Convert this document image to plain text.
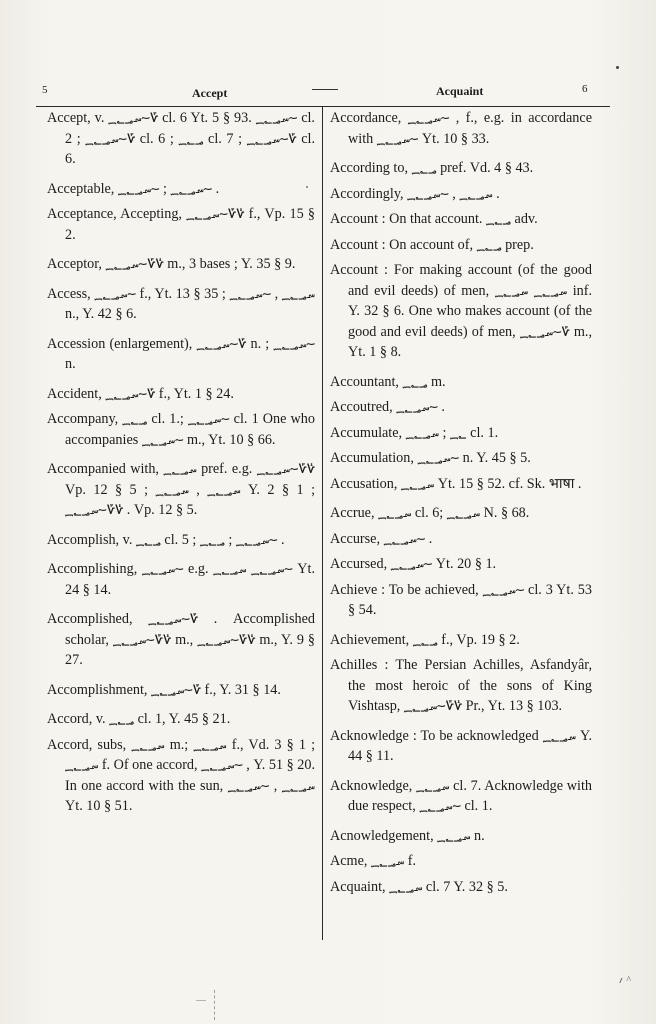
5	Accept	Acquaint	6

Accept, v. ؁؂؃؄؅؆ cl. 6 Yt. 5 § 93. ؁؂؃؄؅ cl. 2 ; ؁؂؃؄؅؆ cl. 6 ; ؁؂؃ cl. 7 ; ؁؂؃؄؅؆ cl. 6.

Acceptable, ؁؂؃؄؅ ; ؁؂؃؄؅ .

Acceptance, Accepting, ؁؂؃؄؅؆؇ f., Vp. 15 § 2.

Acceptor, ؁؂؃؄؅؆؇ m., 3 bases ; Y. 35 § 9.

Access, ؁؂؃؄؅ f., Yt. 13 § 35 ; ؁؂؃؄ , ؁؂؃؄؅ n., Y. 42 § 6.

Accession (enlargement), ؁؂؃؄؅؆ n. ; ؁؂؃؄؅ n.

Accident, ؁؂؃؄؅؆ f., Yt. 1 § 24.

Accompany, ؁؂؃ cl. 1.; ؁؂؃؄؅ cl. 1 One who accompanies ؁؂؃؄؅ m., Yt. 10 § 66.

Accompanied with, ؁؂؃؄ pref. e.g. ؁؂؃؄؅؆؇ Vp. 12 § 5 ; ؁؂؃؄ , ؁؂؃؄ Y. 2 § 1 ; ؁؂؃؄؅؆؇ . Vp. 12 § 5.

Accomplish, v. ؁؂؃ cl. 5 ; ؁؂؃؄؅ ; ؁؂؃ .

Accomplishing, ؁؂؃؄؅ e.g. ؁؂؃؄؅ ؁؂؃؄ Yt. 24 § 14.

Accomplished, ؁؂؃؄؅؆ . Accomplished scholar, ؁؂؃؄؅؆؇ m., ؁؂؃؄؅؆؇ m., Y. 9 § 27.

Accomplishment, ؁؂؃؄؅؆ f., Y. 31 § 14.

Accord, v. ؁؂؃ cl. 1, Y. 45 § 21.

Accord, subs, ؁؂؃؄ m.; ؁؂؃؄ f., Vd. 3 § 1 ; ؁؂؃؄ f. Of one accord, ؁؂؃؄؅ , Y. 51 § 20. In one accord with the sun, ؁؂؃؄ , ؁؂؃؄؅ Yt. 10 § 51.

Accordance, ؁؂؃؄؅ , f., e.g. in accordance with ؁؂؃؄؅ Yt. 10 § 33.

According to, ؁؂؃ pref. Vd. 4 § 43.

Accordingly, ؁؂؃؄ , ؁؂؃؄؅ .

Account : On that account. ؁؂؃ adv.

Account : On account of, ؁؂؃ prep.

Account : For making account (of the good and evil deeds) of men, ؁؂؃؄ ؁؂؃؄ inf. Y. 32 § 6. One who makes account (of the good and evil deeds) of men, ؁؂؃؄؅؆ m., Yt. 1 § 8.

Accountant, ؁؂؃ m.

Accoutred, ؁؂؃؄؅ .

Accumulate, ؁؂ ; ؁؂؃؄ cl. 1.

Accumulation, ؁؂؃؄؅ n. Y. 45 § 5.

Accusation, ؁؂؃؄ Yt. 15 § 52. cf. Sk. भाषा .

Accrue, ؁؂؃؄ cl. 6; ؁؂؃؄ N. § 68.

Accurse, ؁؂؃؄؅ .

Accursed, ؁؂؃؄؅ Yt. 20 § 1.

Achieve : To be achieved, ؁؂؃؄؅ cl. 3 Yt. 53 § 54.

Achievement, ؁؂؃ f., Vp. 19 § 2.

Achilles : The Persian Achilles, Asfandyâr, the most heroic of the sons of King Vishtasp, ؁؂؃؄؅؆؇ Pr., Yt. 13 § 103.

Acknowledge : To be acknowledged ؁؂؃؄ Y. 44 § 11.

Acknowledge, ؁؂؃؄ cl. 7. Acknowledge with due respect, ؁؂؃؄؅ cl. 1.

Acnowledgement, ؁؂؃؄ n.

Acme, ؁؂؃؄ f.

Acquaint, ؁؂؃؄ cl. 7 Y. 32 § 5.

؍ ^
